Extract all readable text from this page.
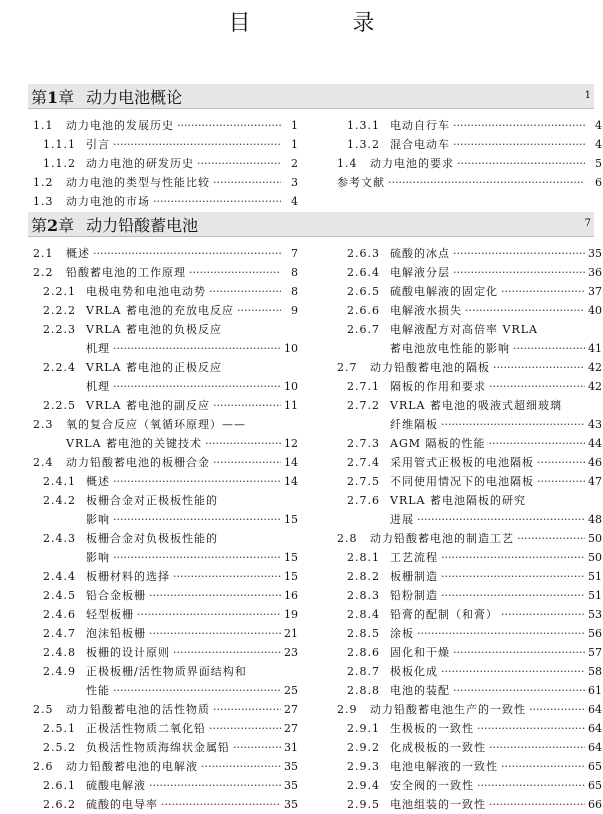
目　录
第1章 动力电池概论	1
1.1 动力电池的发展历史 ·····	1
1.1.1 引言 ·····	1
1.1.2 动力电池的研发历史 ·····	2
1.2 动力电池的类型与性能比较 ·····	3
1.3 动力电池的市场 ·····	4
1.3.1 电动自行车 ·····	4
1.3.2 混合电动车 ·····	4
1.4 动力电池的要求 ·····	5
参考文献 ·····	6
第2章 动力铅酸蓄电池	7
2.1 概述 ·····	7
2.2 铅酸蓄电池的工作原理 ·····	8
2.2.1 电极电势和电池电动势 ·····	8
2.2.2 VRLA 蓄电池的充放电反应 ·····	9
2.2.3 VRLA 蓄电池的负极反应
机理 ·····	10
2.2.4 VRLA 蓄电池的正极反应
机理 ·····	10
2.2.5 VRLA 蓄电池的副反应 ·····	11
2.3 氧的复合反应（氧循环原理）——
VRLA 蓄电池的关键技术 ·····	12
2.4 动力铅酸蓄电池的板栅合金 ·····	14
2.4.1 概述 ·····	14
2.4.2 板栅合金对正极板性能的
影响 ·····	15
2.4.3 板栅合金对负极板性能的
影响 ·····	15
2.4.4 板栅材料的选择 ·····	15
2.4.5 铅合金板栅 ·····	16
2.4.6 轻型板栅 ·····	19
2.4.7 泡沫铅板栅 ·····	21
2.4.8 板栅的设计原则 ·····	23
2.4.9 正极板栅/活性物质界面结构和
性能 ·····	25
2.5 动力铅酸蓄电池的活性物质 ·····	27
2.5.1 正极活性物质二氧化铅 ·····	27
2.5.2 负极活性物质海绵状金属铅 ·····	31
2.6 动力铅酸蓄电池的电解液 ·····	35
2.6.1 硫酸电解液 ·····	35
2.6.2 硫酸的电导率 ·····	35
2.6.3 硫酸的冰点 ·····	35
2.6.4 电解液分层 ·····	36
2.6.5 硫酸电解液的固定化 ·····	37
2.6.6 电解液水损失 ·····	40
2.6.7 电解液配方对高倍率 VRLA
蓄电池放电性能的影响 ·····	41
2.7 动力铅酸蓄电池的隔板 ·····	42
2.7.1 隔板的作用和要求 ·····	42
2.7.2 VRLA 蓄电池的吸液式超细玻璃
纤维隔板 ·····	43
2.7.3 AGM 隔板的性能 ·····	44
2.7.4 采用管式正极板的电池隔板 ·····	46
2.7.5 不同使用情况下的电池隔板 ·····	47
2.7.6 VRLA 蓄电池隔板的研究
进展 ·····	48
2.8 动力铅酸蓄电池的制造工艺 ·····	50
2.8.1 工艺流程 ·····	50
2.8.2 板栅制造 ·····	51
2.8.3 铅粉制造 ·····	51
2.8.4 铅膏的配制（和膏） ·····	53
2.8.5 涂板 ·····	56
2.8.6 固化和干燥 ·····	57
2.8.7 极板化成 ·····	58
2.8.8 电池的装配 ·····	61
2.9 动力铅酸蓄电池生产的一致性 ·····	64
2.9.1 生极板的一致性 ·····	64
2.9.2 化成极板的一致性 ·····	64
2.9.3 电池电解液的一致性 ·····	65
2.9.4 安全阀的一致性 ·····	65
2.9.5 电池组装的一致性 ·····	66
